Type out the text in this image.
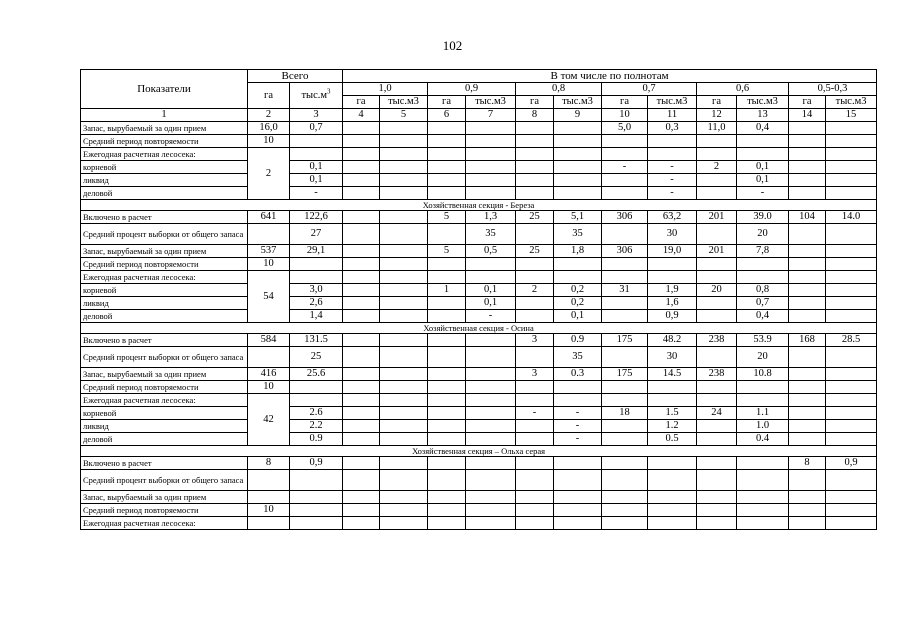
102
Показатели	Всего		В том числе по полнотам											
	га	$тыс.м^3$	1,0		0,9		0,8		0,7		0,6		0,5-0,3	
			га	тыс.м3	га	тыс.м3	га	тыс.м3	га	тыс.м3	га	тыс.м3	га	тыс.м3
1	2	3	4	5	6	7	8	9	10	11	12	13	14	15
Запас, вырубаемый за один прием	16,0	0,7							5,0	0,3	11,0	0,4		
Средний период повторяемости	10													
Ежегодная расчетная лесосека:	2													
корневой		0,1							-	-	2	0,1		
ликвид		0,1								-		0,1		
деловой		-								-		-		
Хозяйственная секция - Береза														
Включено в расчет	641	122,6			5	1,3	25	5,1	306	63,2	201	39.0	104	14.0
Средний процент выборки от общего запаса		27				35		35		30		20		
Запас, вырубаемый за один прием	537	29,1			5	0,5	25	1,8	306	19,0	201	7,8		
Средний период повторяемости	10													
Ежегодная расчетная лесосека:	54													
корневой		3,0			1	0,1	2	0,2	31	1,9	20	0,8		
ликвид		2,6				0,1		0,2		1,6		0,7		
деловой		1,4				-		0,1		0,9		0,4		
Хозяйственная секция - Осина														
Включено в расчет	584	131.5					3	0.9	175	48.2	238	53.9	168	28.5
Средний процент выборки от общего запаса		25						35		30		20		
Запас, вырубаемый за один прием	416	25.6					3	0.3	175	14.5	238	10.8		
Средний период повторяемости	10													
Ежегодная расчетная лесосека:	42													
корневой		2.6					-	-	18	1.5	24	1.1		
ликвид		2.2						-		1.2		1.0		
деловой		0.9						-		0.5		0.4		
Хозяйственная секция – Ольха серая														
Включено в расчет	8	0,9											8	0,9
Средний процент выборки от общего запаса														
Запас, вырубаемый за один прием														
Средний период повторяемости	10													
Ежегодная расчетная лесосека:														
